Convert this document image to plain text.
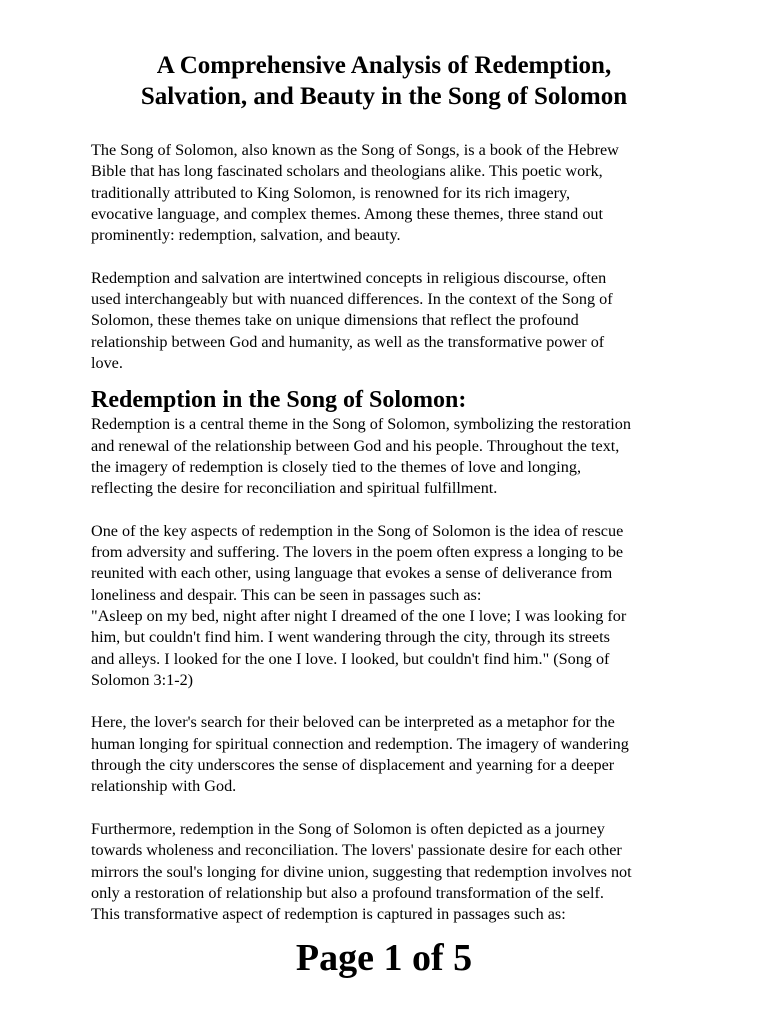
A Comprehensive Analysis of Redemption,
Salvation, and Beauty in the Song of Solomon

The Song of Solomon, also known as the Song of Songs, is a book of the Hebrew
Bible that has long fascinated scholars and theologians alike. This poetic work,
traditionally attributed to King Solomon, is renowned for its rich imagery,
evocative language, and complex themes. Among these themes, three stand out
prominently: redemption, salvation, and beauty.

Redemption and salvation are intertwined concepts in religious discourse, often
used interchangeably but with nuanced differences. In the context of the Song of
Solomon, these themes take on unique dimensions that reflect the profound
relationship between God and humanity, as well as the transformative power of
love.

Redemption in the Song of Solomon:

Redemption is a central theme in the Song of Solomon, symbolizing the restoration
and renewal of the relationship between God and his people. Throughout the text,
the imagery of redemption is closely tied to the themes of love and longing,
reflecting the desire for reconciliation and spiritual fulfillment.

One of the key aspects of redemption in the Song of Solomon is the idea of rescue
from adversity and suffering. The lovers in the poem often express a longing to be
reunited with each other, using language that evokes a sense of deliverance from
loneliness and despair. This can be seen in passages such as:
"Asleep on my bed, night after night I dreamed of the one I love; I was looking for
him, but couldn't find him. I went wandering through the city, through its streets
and alleys. I looked for the one I love. I looked, but couldn't find him." (Song of
Solomon 3:1-2)

Here, the lover's search for their beloved can be interpreted as a metaphor for the
human longing for spiritual connection and redemption. The imagery of wandering
through the city underscores the sense of displacement and yearning for a deeper
relationship with God.

Furthermore, redemption in the Song of Solomon is often depicted as a journey
towards wholeness and reconciliation. The lovers' passionate desire for each other
mirrors the soul's longing for divine union, suggesting that redemption involves not
only a restoration of relationship but also a profound transformation of the self.
This transformative aspect of redemption is captured in passages such as:

Page 1 of 5
